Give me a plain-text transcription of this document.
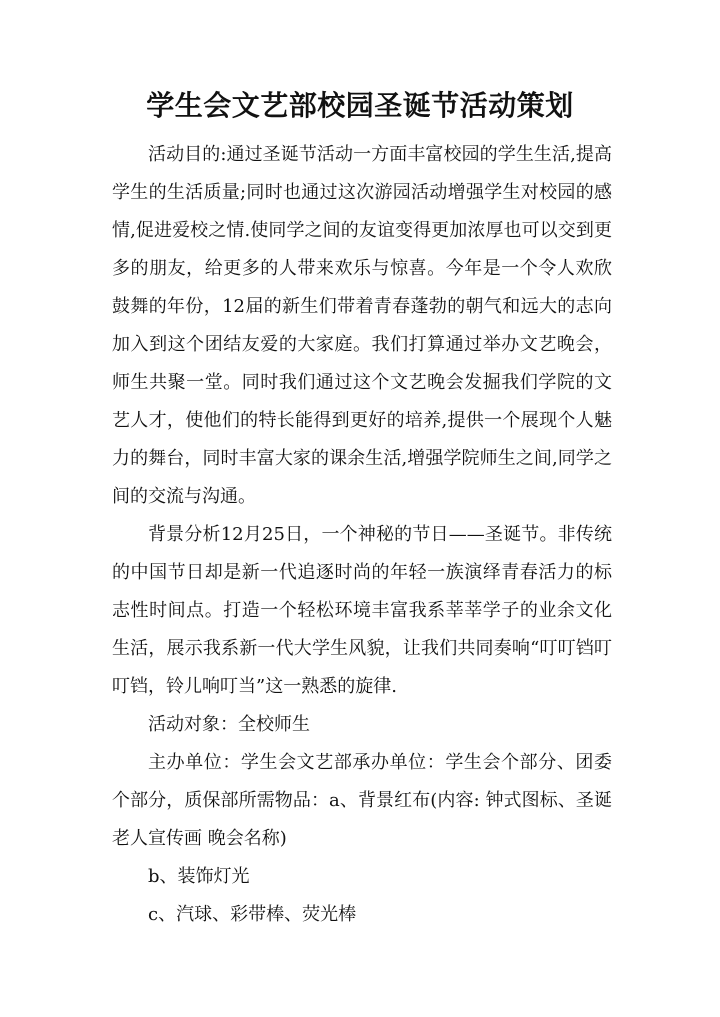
学生会文艺部校园圣诞节活动策划

活动目的:通过圣诞节活动一方面丰富校园的学生生活,提高学生的生活质量;同时也通过这次游园活动增强学生对校园的感情,促进爱校之情.使同学之间的友谊变得更加浓厚也可以交到更多的朋友，给更多的人带来欢乐与惊喜。今年是一个令人欢欣鼓舞的年份，12届的新生们带着青春蓬勃的朝气和远大的志向加入到这个团结友爱的大家庭。我们打算通过举办文艺晚会，师生共聚一堂。同时我们通过这个文艺晚会发掘我们学院的文艺人才，使他们的特长能得到更好的培养,提供一个展现个人魅力的舞台，同时丰富大家的课余生活,增强学院师生之间,同学之间的交流与沟通。

背景分析12月25日，一个神秘的节日——圣诞节。非传统的中国节日却是新一代追逐时尚的年轻一族演绎青春活力的标志性时间点。打造一个轻松环境丰富我系莘莘学子的业余文化生活，展示我系新一代大学生风貌，让我们共同奏响“叮叮铛叮叮铛，铃儿响叮当”这一熟悉的旋律.

活动对象：全校师生

主办单位：学生会文艺部承办单位：学生会个部分、团委个部分，质保部所需物品：a、背景红布(内容: 钟式图标、圣诞老人宣传画 晚会名称)

b、装饰灯光

c、汽球、彩带棒、荧光棒
